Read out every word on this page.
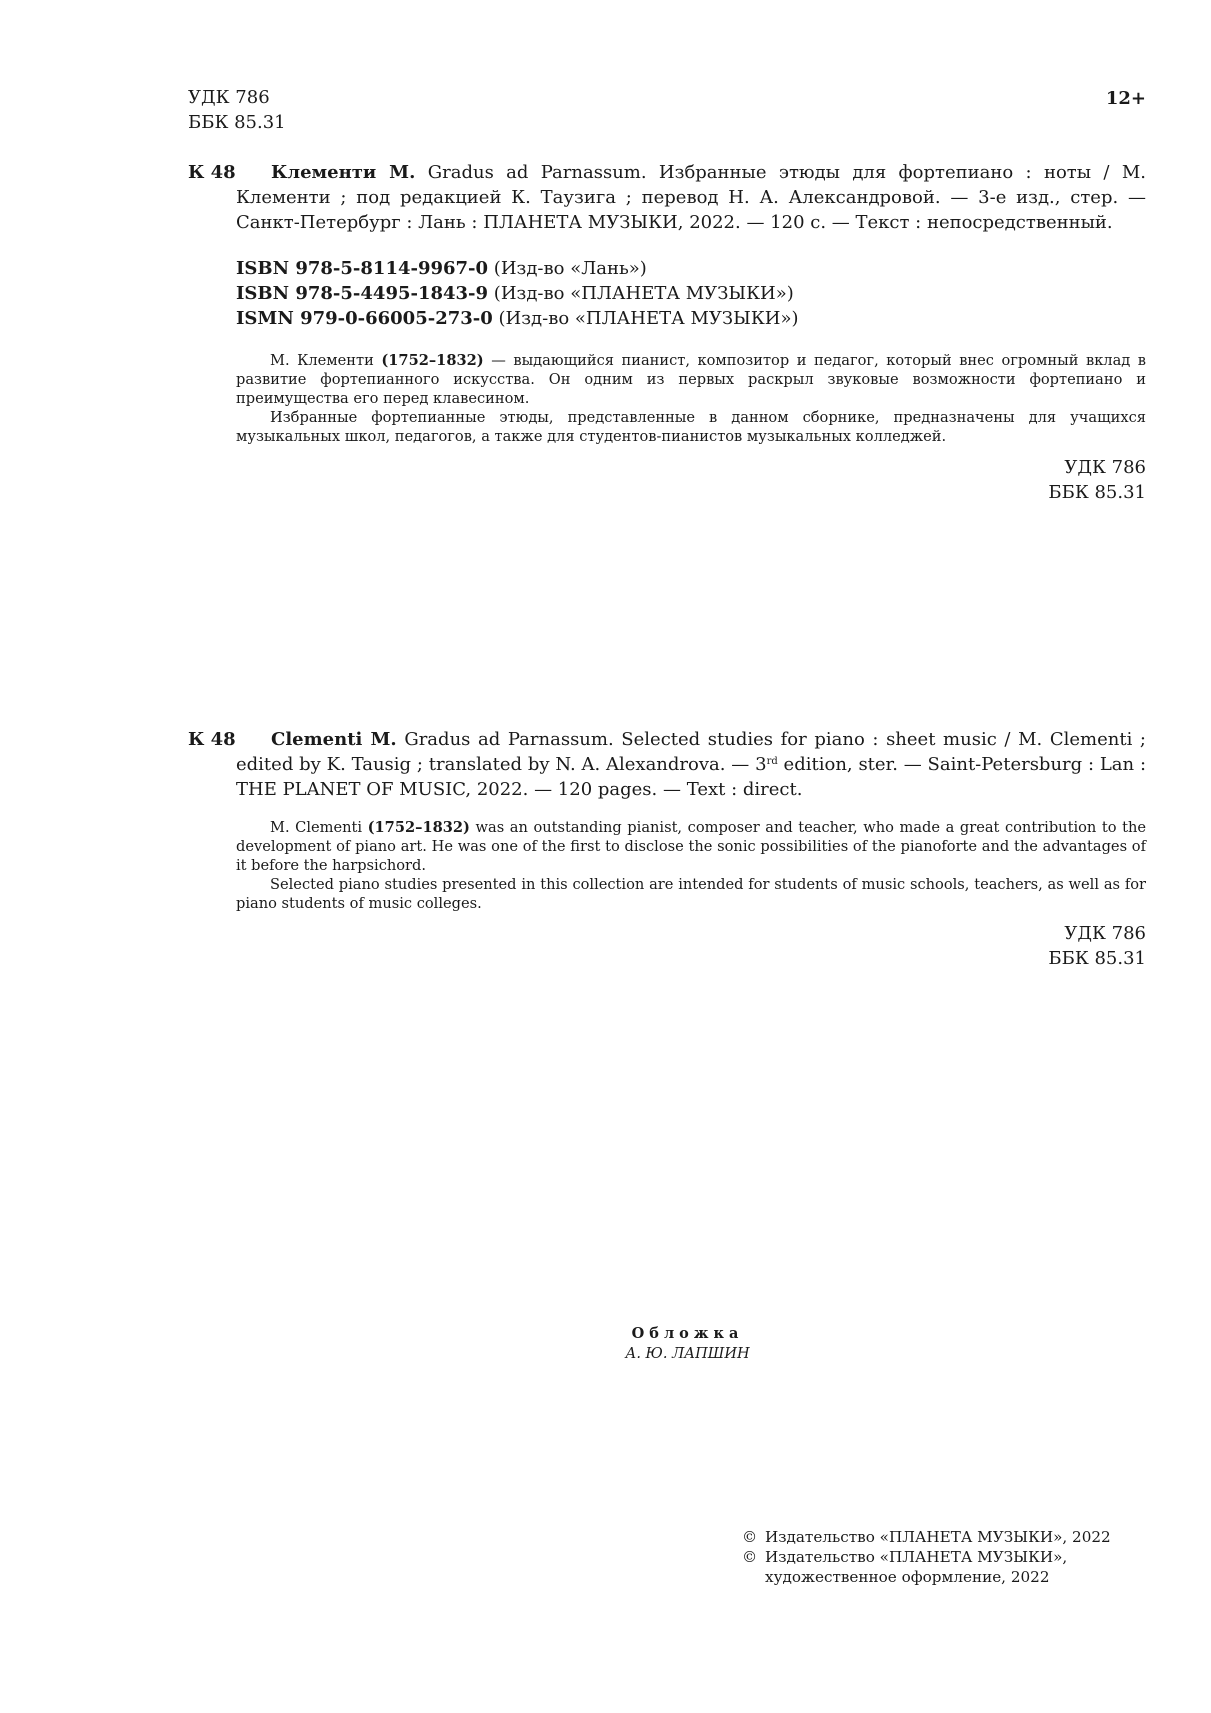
УДК 786
ББК 85.31
12+
К 48	Клементи М. Gradus ad Parnassum. Избранные этюды для фортепиано : ноты / М. Клементи ; под редакцией К. Таузига ; перевод Н. А. Александровой. — 3-е изд., стер. — Санкт-Петербург : Лань : ПЛАНЕТА МУЗЫКИ, 2022. — 120 с. — Текст : непосредственный.
ISBN 978-5-8114-9967-0 (Изд-во «Лань»)
ISBN 978-5-4495-1843-9 (Изд-во «ПЛАНЕТА МУЗЫКИ»)
ISMN 979-0-66005-273-0 (Изд-во «ПЛАНЕТА МУЗЫКИ»)

М. Клементи (1752–1832) — выдающийся пианист, композитор и педагог, который внес огромный вклад в развитие фортепианного искусства. Он одним из первых раскрыл звуковые возможности фортепиано и преимущества его перед клавесином.

Избранные фортепианные этюды, представленные в данном сборнике, предназначены для учащихся музыкальных школ, педагогов, а также для студентов-пианистов музыкальных колледжей.

УДК 786
ББК 85.31
К 48	Clementi M. Gradus ad Parnassum. Selected studies for piano : sheet music / M. Clementi ; edited by K. Tausig ; translated by N. A. Alexandrova. — 3rd edition, ster. — Saint-Petersburg : Lan : THE PLANET OF MUSIC, 2022. — 120 pages. — Text : direct.

M. Clementi (1752–1832) was an outstanding pianist, composer and teacher, who made a great contribution to the development of piano art. He was one of the first to disclose the sonic possibilities of the pianoforte and the advantages of it before the harpsichord.

Selected piano studies presented in this collection are intended for students of music schools, teachers, as well as for piano students of music colleges.

УДК 786
ББК 85.31
Обложка
А. Ю. ЛАПШИН
© Издательство «ПЛАНЕТА МУЗЫКИ», 2022
© Издательство «ПЛАНЕТА МУЗЫКИ»,
художественное оформление, 2022
